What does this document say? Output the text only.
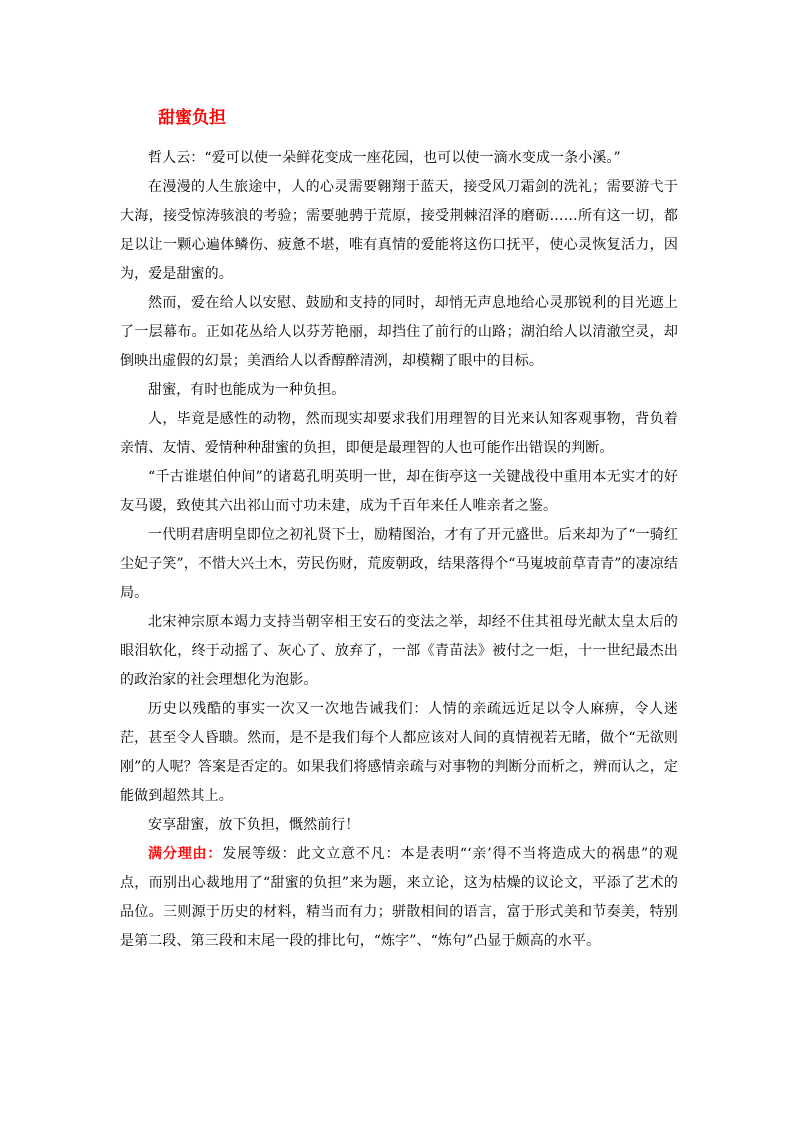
甜蜜负担

哲人云：“爱可以使一朵鲜花变成一座花园，也可以使一滴水变成一条小溪。”

在漫漫的人生旅途中，人的心灵需要翱翔于蓝天，接受风刀霜剑的洗礼；需要游弋于大海，接受惊涛骇浪的考验；需要驰骋于荒原，接受荆棘沼泽的磨砺……所有这一切，都足以让一颗心遍体鳞伤、疲惫不堪，唯有真情的爱能将这伤口抚平，使心灵恢复活力，因为，爱是甜蜜的。

然而，爱在给人以安慰、鼓励和支持的同时，却悄无声息地给心灵那锐利的目光遮上了一层幕布。正如花丛给人以芬芳艳丽，却挡住了前行的山路；湖泊给人以清澈空灵，却倒映出虚假的幻景；美酒给人以香醇醉清洌，却模糊了眼中的目标。

甜蜜，有时也能成为一种负担。

人，毕竟是感性的动物，然而现实却要求我们用理智的目光来认知客观事物，背负着亲情、友情、爱情种种甜蜜的负担，即便是最理智的人也可能作出错误的判断。

“千古谁堪伯仲间”的诸葛孔明英明一世，却在街亭这一关键战役中重用本无实才的好友马谡，致使其六出祁山而寸功未建，成为千百年来任人唯亲者之鉴。

一代明君唐明皇即位之初礼贤下士，励精图治，才有了开元盛世。后来却为了“一骑红尘妃子笑”，不惜大兴土木，劳民伤财，荒废朝政，结果落得个“马嵬坡前草青青”的凄凉结局。

北宋神宗原本竭力支持当朝宰相王安石的变法之举，却经不住其祖母光献太皇太后的眼泪软化，终于动摇了、灰心了、放弃了，一部《青苗法》被付之一炬，十一世纪最杰出的政治家的社会理想化为泡影。

历史以残酷的事实一次又一次地告诫我们：人情的亲疏远近足以令人麻痹，令人迷茫，甚至令人昏聩。然而，是不是我们每个人都应该对人间的真情视若无睹，做个“无欲则刚”的人呢？答案是否定的。如果我们将感情亲疏与对事物的判断分而析之，辨而认之，定能做到超然其上。

安享甜蜜，放下负担，慨然前行！

满分理由：发展等级：此文立意不凡：本是表明“‘亲’得不当将造成大的祸患”的观点，而别出心裁地用了“甜蜜的负担”来为题，来立论，这为枯燥的议论文，平添了艺术的品位。三则源于历史的材料，精当而有力；骈散相间的语言，富于形式美和节奏美，特别是第二段、第三段和末尾一段的排比句，“炼字”、“炼句”凸显于颇高的水平。
